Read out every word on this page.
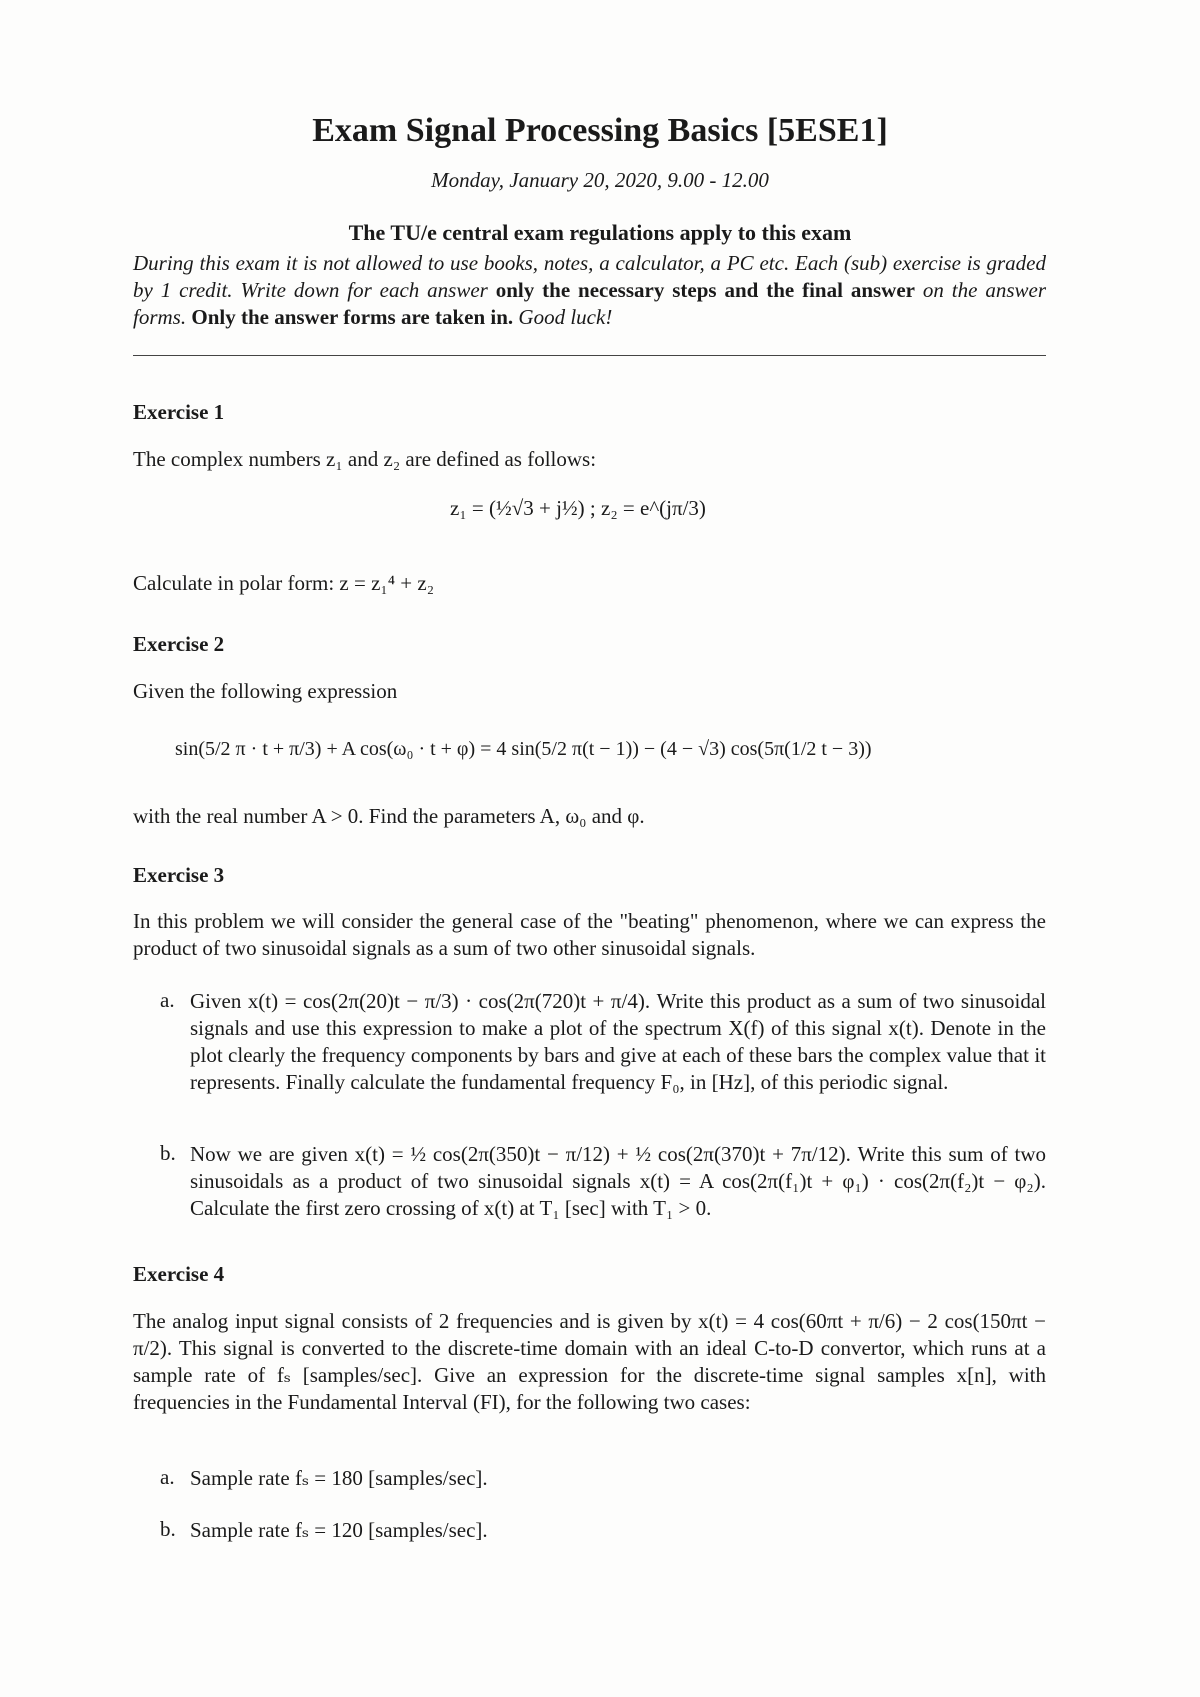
Exam Signal Processing Basics [5ESE1]
Monday, January 20, 2020, 9.00 - 12.00
The TU/e central exam regulations apply to this exam
During this exam it is not allowed to use books, notes, a calculator, a PC etc. Each (sub) exercise is graded by 1 credit. Write down for each answer only the necessary steps and the final answer on the answer forms. Only the answer forms are taken in. Good luck!
Exercise 1
The complex numbers z₁ and z₂ are defined as follows:
z₁ = (½√3 + j½) ; z₂ = e^(jπ/3)
Calculate in polar form: z = z₁⁴ + z₂
Exercise 2
Given the following expression
sin(5/2 π · t + π/3) + A cos(ω₀ · t + φ) = 4 sin(5/2 π(t − 1)) − (4 − √3) cos(5π(1/2 t − 3))
with the real number A > 0. Find the parameters A, ω₀ and φ.
Exercise 3
In this problem we will consider the general case of the "beating" phenomenon, where we can express the product of two sinusoidal signals as a sum of two other sinusoidal signals.
a. Given x(t) = cos(2π(20)t − π/3) · cos(2π(720)t + π/4). Write this product as a sum of two sinusoidal signals and use this expression to make a plot of the spectrum X(f) of this signal x(t). Denote in the plot clearly the frequency components by bars and give at each of these bars the complex value that it represents. Finally calculate the fundamental frequency F₀, in [Hz], of this periodic signal.
b. Now we are given x(t) = ½ cos(2π(350)t − π/12) + ½ cos(2π(370)t + 7π/12). Write this sum of two sinusoidals as a product of two sinusoidal signals x(t) = A cos(2π(f₁)t + φ₁) · cos(2π(f₂)t − φ₂). Calculate the first zero crossing of x(t) at T₁ [sec] with T₁ > 0.
Exercise 4
The analog input signal consists of 2 frequencies and is given by x(t) = 4 cos(60πt + π/6) − 2 cos(150πt − π/2). This signal is converted to the discrete-time domain with an ideal C-to-D convertor, which runs at a sample rate of fₛ [samples/sec]. Give an expression for the discrete-time signal samples x[n], with frequencies in the Fundamental Interval (FI), for the following two cases:
a. Sample rate fₛ = 180 [samples/sec].
b. Sample rate fₛ = 120 [samples/sec].
